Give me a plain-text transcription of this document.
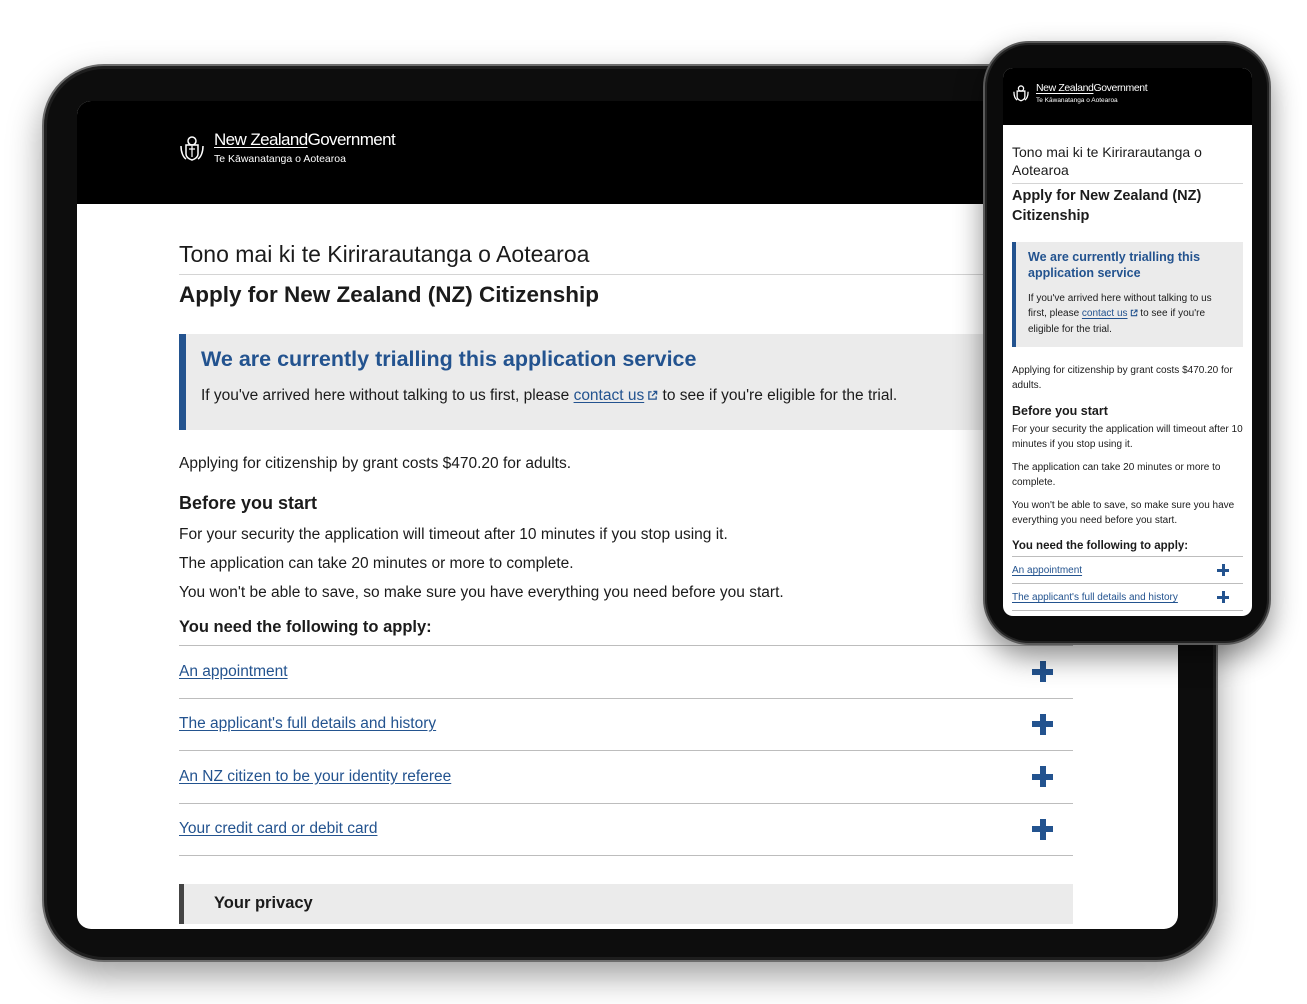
New ZealandGovernment
Te Kāwanatanga o Aotearoa
Tono mai ki te Kirirarautanga o Aotearoa
Apply for New Zealand (NZ) Citizenship
We are currently trialling this application service

If you've arrived here without talking to us first, please contact us to see if you're eligible for the trial.

Applying for citizenship by grant costs $470.20 for adults.

Before you start

For your security the application will timeout after 10 minutes if you stop using it.

The application can take 20 minutes or more to complete.

You won't be able to save, so make sure you have everything you need before you start.

You need the following to apply:
An appointment
The applicant's full details and history
An NZ citizen to be your identity referee
Your credit card or debit card
Your privacy
New ZealandGovernment
Te Kāwanatanga o Aotearoa
Tono mai ki te Kirirarautanga o Aotearoa
Apply for New Zealand (NZ) Citizenship
We are currently trialling this application service

If you've arrived here without talking to us first, please contact us to see if you're eligible for the trial.

Applying for citizenship by grant costs $470.20 for adults.

Before you start

For your security the application will timeout after 10 minutes if you stop using it.

The application can take 20 minutes or more to complete.

You won't be able to save, so make sure you have everything you need before you start.

You need the following to apply:
An appointment
The applicant's full details and history
